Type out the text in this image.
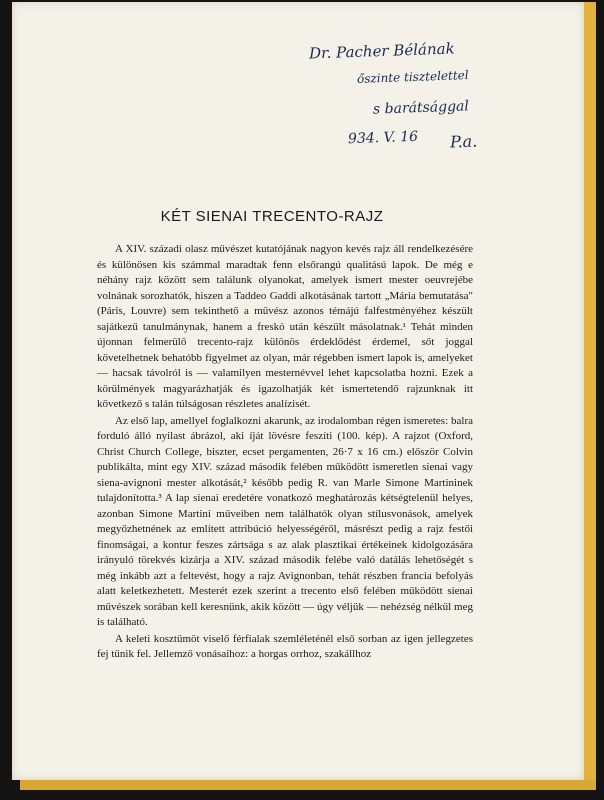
Dr. Pacher Bélának
őszinte tisztelettel
s barátsággal
934. V. 16 P.a.
KÉT SIENAI TRECENTO-RAJZ

A XIV. századi olasz művészet kutatójának nagyon kevés rajz áll rendelkezésére és különösen kis számmal maradtak fenn elsőrangú qualitású lapok. De még e néhány rajz között sem találunk olyanokat, amelyek ismert mester oeuvrejébe volnának sorozhatók, hiszen a Taddeo Gaddi alkotásának tartott „Mária bemutatása" (Páris, Louvre) sem tekinthető a művész azonos témájú falfestményéhez készült sajátkezű tanulmánynak, hanem a freskó után készült másolatnak.¹ Tehát minden újonnan felmerülő trecento-rajz különös érdeklődést érdemel, sőt joggal követelhetnek behatóbb figyelmet az olyan, már régebben ismert lapok is, amelyeket — hacsak távolról is — valamilyen mesternévvel lehet kapcsolatba hozni. Ezek a körülmények magyarázhatják és igazolhatják két ismertetendő rajzunknak itt következő s talán túlságosan részletes analízisét.

Az első lap, amellyel foglalkozni akarunk, az irodalomban régen ismeretes: balra forduló álló nyilast ábrázol, aki íját lövésre feszíti (100. kép). A rajzot (Oxford, Christ Church College, biszter, ecset pergamenten, 26·7 x 16 cm.) először Colvin publikálta, mint egy XIV. század második felében működött ismeretlen sienai vagy siena-avignoni mester alkotását,² később pedig R. van Marle Simone Martininek tulajdonította.³ A lap sienai eredetére vonatkozó meghatározás kétségtelenül helyes, azonban Simone Martini műveiben nem találhatók olyan stílusvonások, amelyek megyőzhetnének az említett attribúció helyességéről, másrészt pedig a rajz festői finomságai, a kontur feszes zártsága s az alak plasztikai értékeinek kidolgozására irányuló törekvés kizárja a XIV. század második felébe való datálás lehetőségét s még inkább azt a feltevést, hogy a rajz Avignonban, tehát részben francia befolyás alatt keletkezhetett. Mesterét ezek szerint a trecento első felében működött sienai művészek sorában kell keresnünk, akik között — úgy véljük — nehézség nélkül meg is található.

A keleti kosztümöt viselő férfialak szemléleténél első sorban az igen jellegzetes fej tűnik fel. Jellemző vonásaihoz: a horgas orrhoz, szakállhoz
